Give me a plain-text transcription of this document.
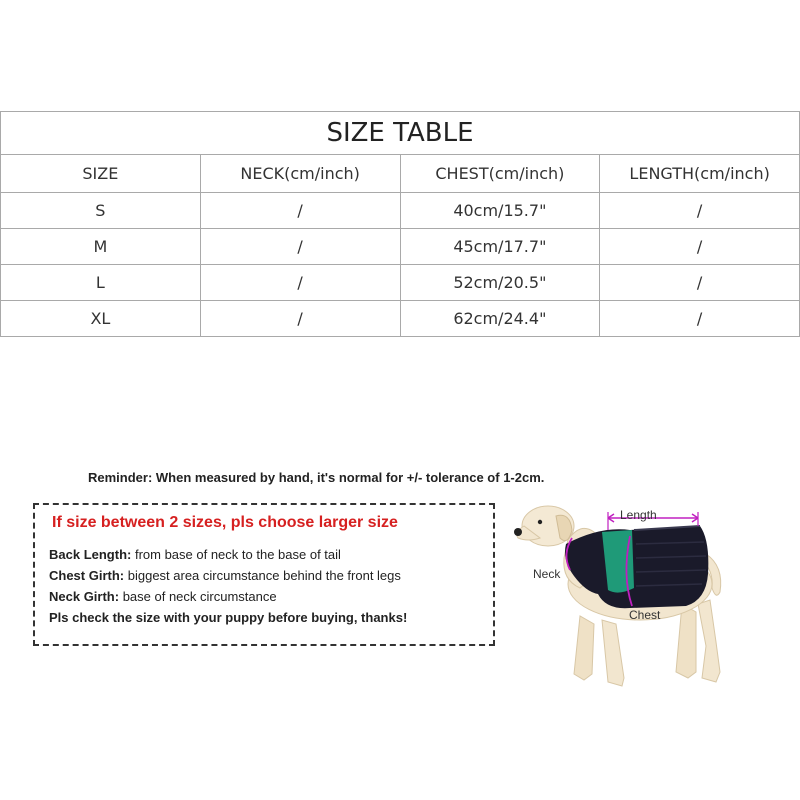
SIZE TABLE			
SIZE	NECK(cm/inch)	CHEST(cm/inch)	LENGTH(cm/inch)
S	/	40cm/15.7"	/
M	/	45cm/17.7"	/
L	/	52cm/20.5"	/
XL	/	62cm/24.4"	/
Reminder: When measured by hand, it's normal for +/- tolerance of 1-2cm.
If size between 2 sizes, pls choose larger size
Back Length: from base of neck to the base of tail
Chest Girth: biggest area circumstance behind the front legs
Neck Girth: base of neck circumstance
Pls check the size with your puppy before buying, thanks!
Length
Neck
Chest
